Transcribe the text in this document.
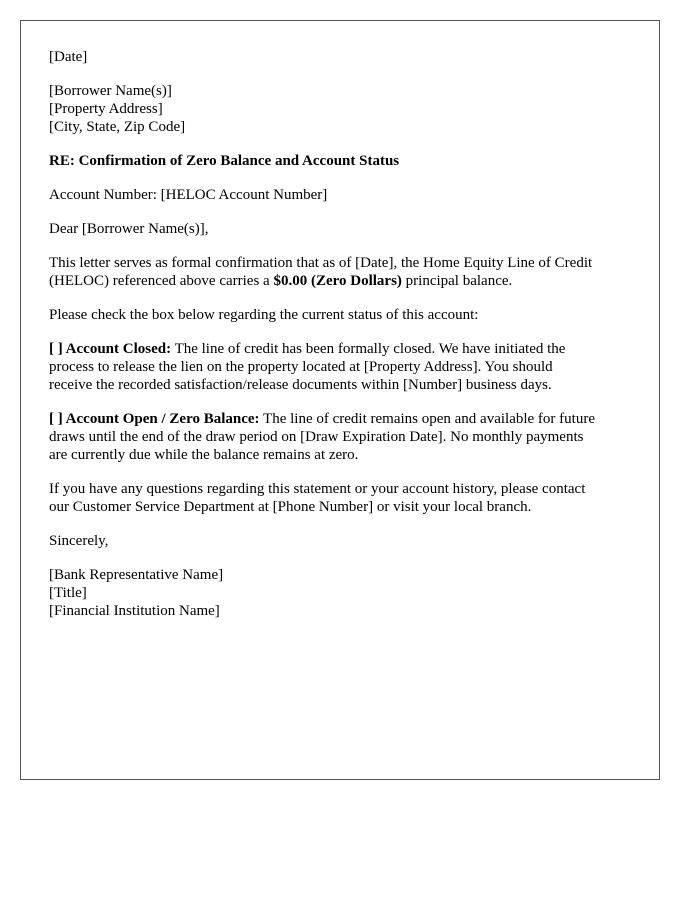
[Date]
[Borrower Name(s)]
[Property Address]
[City, State, Zip Code]
RE: Confirmation of Zero Balance and Account Status
Account Number: [HELOC Account Number]
Dear [Borrower Name(s)],
This letter serves as formal confirmation that as of [Date], the Home Equity Line of Credit
(HELOC) referenced above carries a $0.00 (Zero Dollars) principal balance.
Please check the box below regarding the current status of this account:
[ ] Account Closed: The line of credit has been formally closed. We have initiated the
process to release the lien on the property located at [Property Address]. You should
receive the recorded satisfaction/release documents within [Number] business days.
[ ] Account Open / Zero Balance: The line of credit remains open and available for future
draws until the end of the draw period on [Draw Expiration Date]. No monthly payments
are currently due while the balance remains at zero.
If you have any questions regarding this statement or your account history, please contact
our Customer Service Department at [Phone Number] or visit your local branch.
Sincerely,
[Bank Representative Name]
[Title]
[Financial Institution Name]
